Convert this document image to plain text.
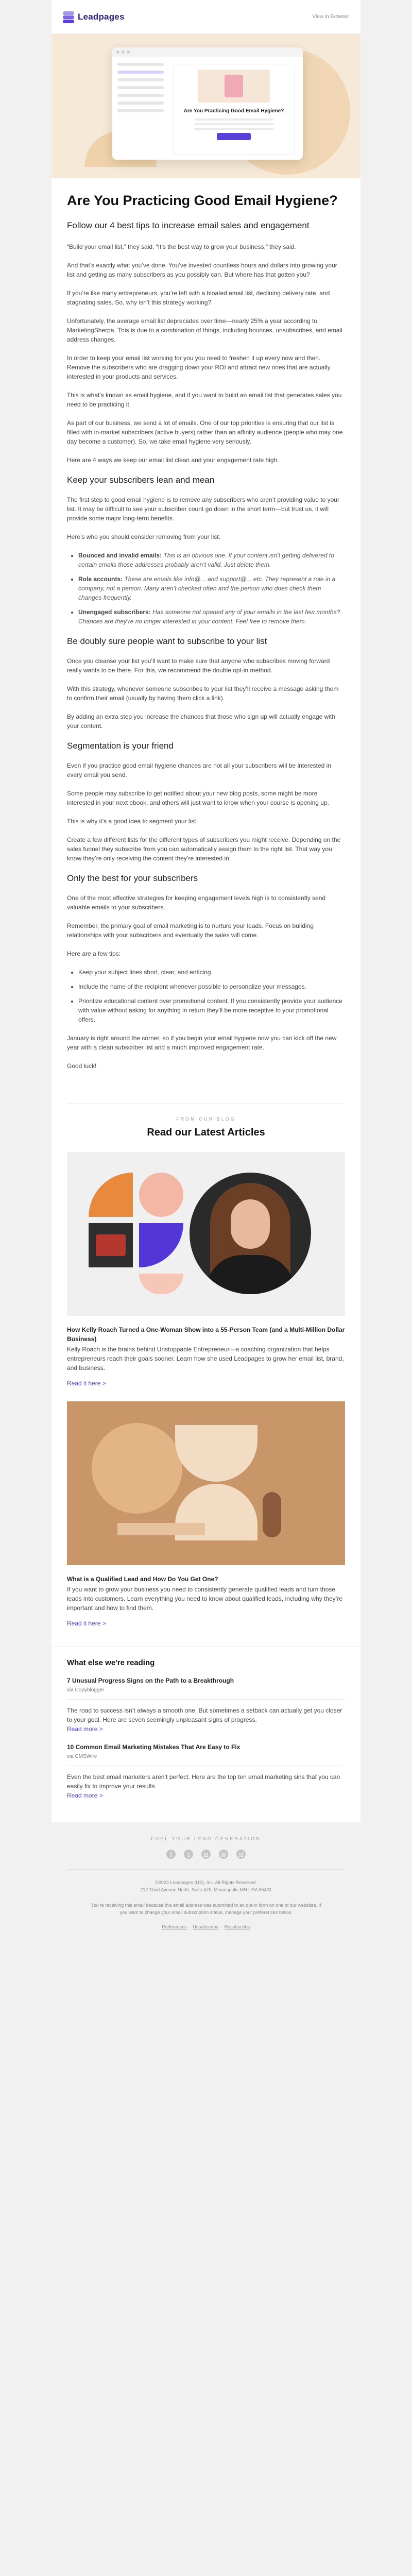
Leadpages	View in Browser
Are You Practicing Good Email Hygiene?
Are You Practicing Good Email Hygiene?
Follow our 4 best tips to increase email sales and engagement

“Build your email list,” they said. “It’s the best way to grow your business,” they said.

And that’s exactly what you’ve done. You’ve invested countless hours and dollars into growing your list and getting as many subscribers as you possibly can. But where has that gotten you?

If you’re like many entrepreneurs, you’re left with a bloated email list, declining delivery rate, and stagnating sales. So, why isn’t this strategy working?

Unfortunately, the average email list depreciates over time—nearly 25% a year according to MarketingSherpa. This is due to a combination of things, including bounces, unsubscribes, and email address changes.

In order to keep your email list working for you you need to freshen it up every now and then. Remove the subscribers who are dragging down your ROI and attract new ones that are actually interested in your products and services.

This is what’s known as email hygiene, and if you want to build an email list that generates sales you need to be practicing it.

As part of our business, we send a lot of emails. One of our top priorities is ensuring that our list is filled with in-market subscribers (active buyers) rather than an affinity audience (people who may one day become a customer). So, we take email hygiene very seriously.

Here are 4 ways we keep our email list clean and your engagement rate high.

Keep your subscribers lean and mean

The first step to good email hygiene is to remove any subscribers who aren’t providing value to your list. It may be difficult to see your subscriber count go down in the short term—but trust us, it will provide some major long-term benefits.

Here’s who you should consider removing from your list:

• Bounced and invalid emails: This is an obvious one. If your content isn’t getting delivered to certain emails those addresses probably aren’t valid. Just delete them.
• Role accounts: These are emails like info@... and support@... etc. They represent a role in a company, not a person. Many aren’t checked often and the person who does check them changes frequently.
• Unengaged subscribers: Has someone not opened any of your emails in the last few months? Chances are they’re no longer interested in your content. Feel free to remove them.
Be doubly sure people want to subscribe to your list

Once you cleanse your list you’ll want to make sure that anyone who subscribes moving forward really wants to be there. For this, we recommend the double opt-in method.

With this strategy, whenever someone subscribes to your list they’ll receive a message asking them to confirm their email (usually by having them click a link).

By adding an extra step you increase the chances that those who sign up will actually engage with your content.

Segmentation is your friend

Even if you practice good email hygiene chances are not all your subscribers will be interested in every email you send.

Some people may subscribe to get notified about your new blog posts, some might be more interested in your next ebook, and others will just want to know when your course is opening up.

This is why it’s a good idea to segment your list.

Create a few different lists for the different types of subscribers you might receive. Depending on the sales funnel they subscribe from you can automatically assign them to the right list. That way you know they’re only receiving the content they’re interested in.

Only the best for your subscribers

One of the most effective strategies for keeping engagement levels high is to consistently send valuable emails to your subscribers.

Remember, the primary goal of email marketing is to nurture your leads. Focus on building relationships with your subscribers and eventually the sales will come.

Here are a few tips:

• Keep your subject lines short, clear, and enticing.
• Include the name of the recipient whenever possible to personalize your messages.
• Prioritize educational content over promotional content. If you consistently provide your audience with value without asking for anything in return they’ll be more receptive to your promotional offers.

January is right around the corner, so if you begin your email hygiene now you can kick off the new year with a clean subscriber list and a much improved engagement rate.

Good luck!

FROM OUR BLOG
Read our Latest Articles
How Kelly Roach Turned a One-Woman Show into a 55-Person Team (and a Multi-Million Dollar Business)
Kelly Roach is the brains behind Unstoppable Entrepreneur—a coaching organization that helps entrepreneurs reach their goals sooner. Learn how she used Leadpages to grow her email list, brand, and business.
Read it here >
What is a Qualified Lead and How Do You Get One?
If you want to grow your business you need to consistently generate qualified leads and turn those leads into customers. Learn everything you need to know about qualified leads, including why they’re important and how to find them.
Read it here >
What else we're reading
7 Unusual Progress Signs on the Path to a Breakthrough
via Copyblogger
The road to success isn’t always a smooth one. But sometimes a setback can actually get you closer to your goal. Here are seven seemingly unpleasant signs of progress.
Read more >
10 Common Email Marketing Mistakes That Are Easy to Fix
via CMSWire
Even the best email marketers aren’t perfect. Here are the top ten email marketing sins that you can easily fix to improve your results.
Read more >
FUEL YOUR LEAD GENERATION
f	t	in	ig	yt
©2023 Leadpages (US), Inc. All Rights Reserved.
212 Third Avenue North, Suite 475, Minneapolis MN USA 55401
You’re receiving this email because this email address was submitted to an opt-in form on one of our websites. If you want to change your email subscription status, manage your preferences below.
Preferences · Unsubscribe · Resubscribe
